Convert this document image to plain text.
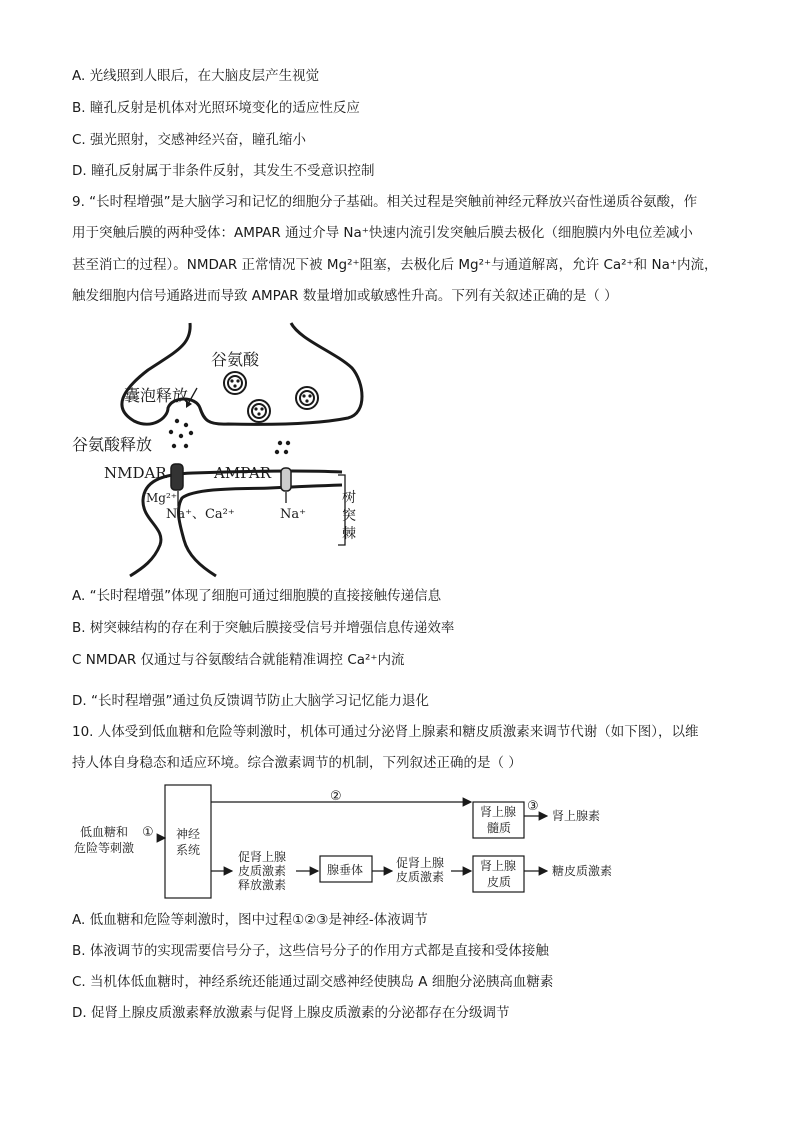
A. 光线照到人眼后，在大脑皮层产生视觉
B. 瞳孔反射是机体对光照环境变化的适应性反应
C. 强光照射，交感神经兴奋，瞳孔缩小
D. 瞳孔反射属于非条件反射，其发生不受意识控制
9. “长时程增强”是大脑学习和记忆的细胞分子基础。相关过程是突触前神经元释放兴奋性递质谷氨酸，作
用于突触后膜的两种受体：AMPAR 通过介导 Na⁺快速内流引发突触后膜去极化（细胞膜内外电位差减小
甚至消亡的过程）。NMDAR 正常情况下被 Mg²⁺阻塞，去极化后 Mg²⁺与通道解离，允许 Ca²⁺和 Na⁺内流，
触发细胞内信号通路进而导致 AMPAR 数量增加或敏感性升高。下列有关叙述正确的是（ ）
谷氨酸
囊泡释放
谷氨酸释放
NMDAR	AMPAR
Mg²⁺
Na⁺、Ca²⁺	Na⁺
树
突
棘
A. “长时程增强”体现了细胞可通过细胞膜的直接接触传递信息
B. 树突棘结构的存在利于突触后膜接受信号并增强信息传递效率
C NMDAR 仅通过与谷氨酸结合就能精准调控 Ca²⁺内流
D. “长时程增强”通过负反馈调节防止大脑学习记忆能力退化
10. 人体受到低血糖和危险等刺激时，机体可通过分泌肾上腺素和糖皮质激素来调节代谢（如下图），以维
持人体自身稳态和适应环境。综合激素调节的机制，下列叙述正确的是（ ）
低血糖和
危险等刺激
①
②
③
神经
系统	促肾上腺
皮质激素
释放激素
腺垂体	促肾上腺
皮质激素
肾上腺
髓质
肾上腺
皮质
肾上腺素
糖皮质激素
A. 低血糖和危险等刺激时，图中过程①②③是神经-体液调节
B. 体液调节的实现需要信号分子，这些信号分子的作用方式都是直接和受体接触
C. 当机体低血糖时，神经系统还能通过副交感神经使胰岛 A 细胞分泌胰高血糖素
D. 促肾上腺皮质激素释放激素与促肾上腺皮质激素的分泌都存在分级调节
